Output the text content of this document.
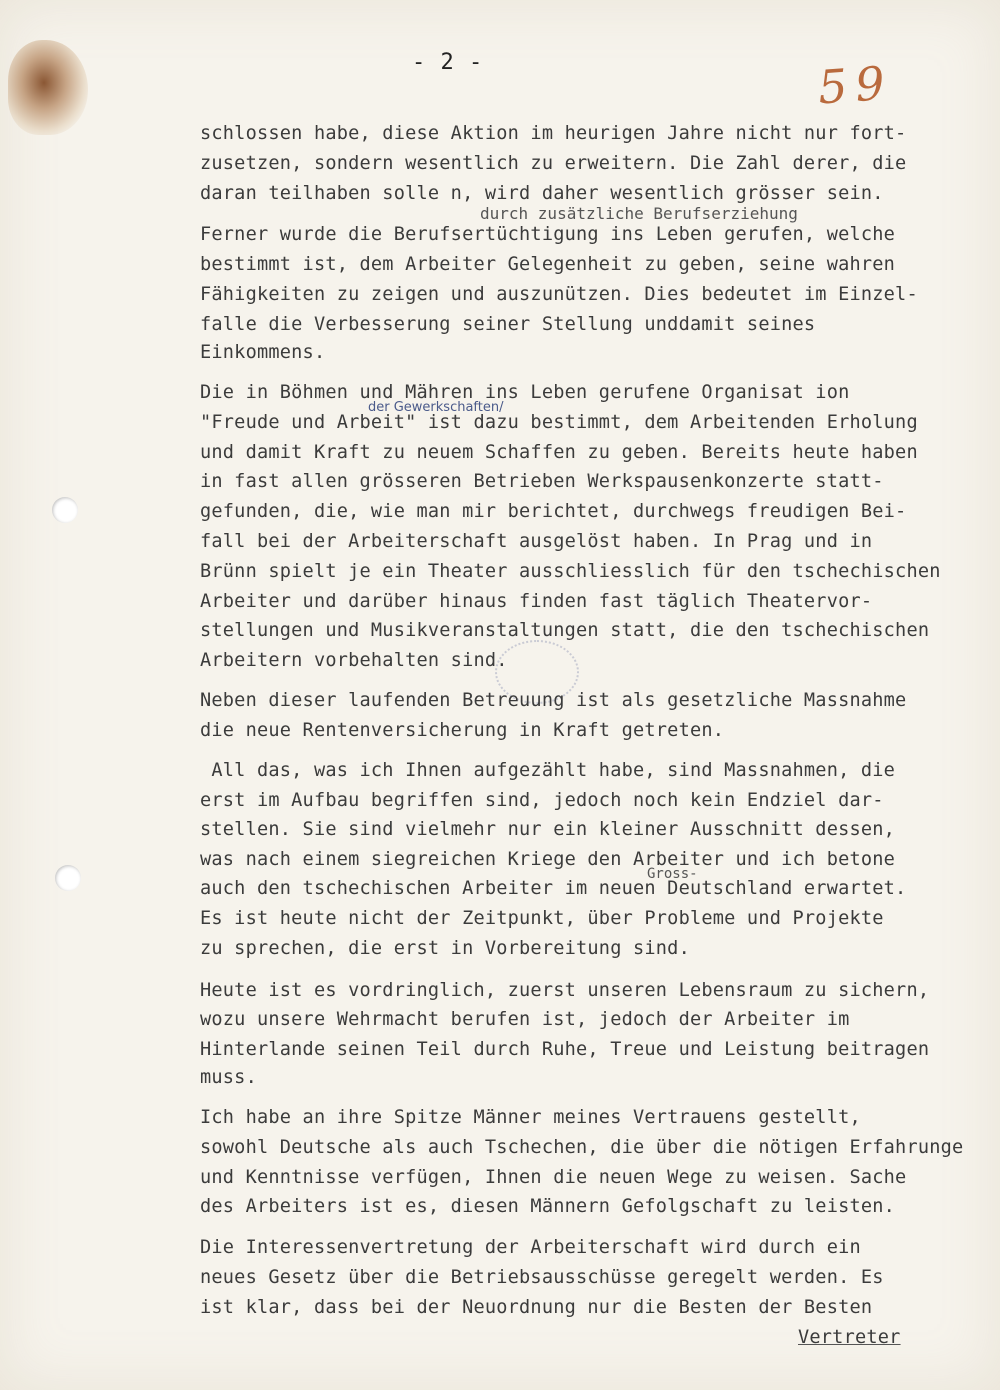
- 2 -	59
schlossen habe, diese Aktion im heurigen Jahre nicht nur fort-
zusetzen, sondern wesentlich zu erweitern. Die Zahl derer, die
daran teilhaben solle n, wird daher wesentlich grösser sein.
durch zusätzliche Berufserziehung
Ferner wurde die Berufsertüchtigung ins Leben gerufen, welche
bestimmt ist, dem Arbeiter Gelegenheit zu geben, seine wahren
Fähigkeiten zu zeigen und auszunützen. Dies bedeutet im Einzel-
falle die Verbesserung seiner Stellung unddamit seines
Einkommens.
Die in Böhmen und Mähren ins Leben gerufene Organisat ion
der Gewerkschaften/
"Freude und Arbeit" ist dazu bestimmt, dem Arbeitenden Erholung
und damit Kraft zu neuem Schaffen zu geben. Bereits heute haben
in fast allen grösseren Betrieben Werkspausenkonzerte statt-
gefunden, die, wie man mir berichtet, durchwegs freudigen Bei-
fall bei der Arbeiterschaft ausgelöst haben. In Prag und in
Brünn spielt je ein Theater ausschliesslich für den tschechischen
Arbeiter und darüber hinaus finden fast täglich Theatervor-
stellungen und Musikveranstaltungen statt, die den tschechischen
Arbeitern vorbehalten sind.
Neben dieser laufenden Betreuung ist als gesetzliche Massnahme
die neue Rentenversicherung in Kraft getreten.
All das, was ich Ihnen aufgezählt habe, sind Massnahmen, die
erst im Aufbau begriffen sind, jedoch noch kein Endziel dar-
stellen. Sie sind vielmehr nur ein kleiner Ausschnitt dessen,
was nach einem siegreichen Kriege den Arbeiter und ich betone
Gross-
auch den tschechischen Arbeiter im neuen Deutschland erwartet.
Es ist heute nicht der Zeitpunkt, über Probleme und Projekte
zu sprechen, die erst in Vorbereitung sind.
Heute ist es vordringlich, zuerst unseren Lebensraum zu sichern,
wozu unsere Wehrmacht berufen ist, jedoch der Arbeiter im
Hinterlande seinen Teil durch Ruhe, Treue und Leistung beitragen
muss.
Ich habe an ihre Spitze Männer meines Vertrauens gestellt,
sowohl Deutsche als auch Tschechen, die über die nötigen Erfahrunge
und Kenntnisse verfügen, Ihnen die neuen Wege zu weisen. Sache
des Arbeiters ist es, diesen Männern Gefolgschaft zu leisten.
Die Interessenvertretung der Arbeiterschaft wird durch ein
neues Gesetz über die Betriebsausschüsse geregelt werden. Es
ist klar, dass bei der Neuordnung nur die Besten der Besten
Vertreter
